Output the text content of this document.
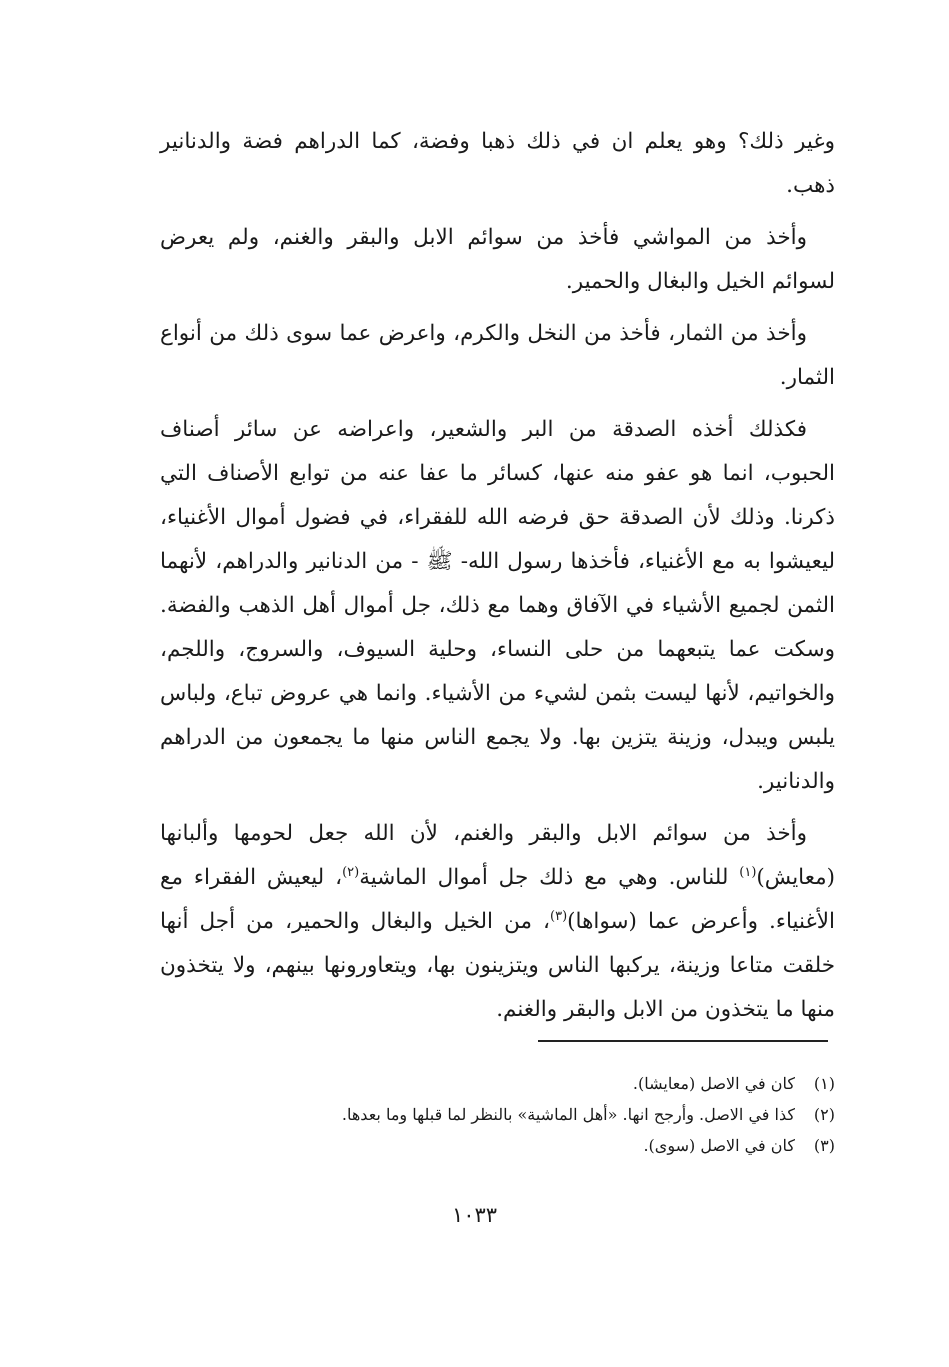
وغير ذلك؟ وهو يعلم ان في ذلك ذهبا وفضة، كما الدراهم فضة والدنانير ذهب.

وأخذ من المواشي فأخذ من سوائم الابل والبقر والغنم، ولم يعرض لسوائم الخيل والبغال والحمير.

وأخذ من الثمار، فأخذ من النخل والكرم، واعرض عما سوى ذلك من أنواع الثمار.

فكذلك أخذه الصدقة من البر والشعير، واعراضه عن سائر أصناف الحبوب، انما هو عفو منه عنها، كسائر ما عفا عنه من توابع الأصناف التي ذكرنا. وذلك لأن الصدقة حق فرضه الله للفقراء، في فضول أموال الأغنياء، ليعيشوا به مع الأغنياء، فأخذها رسول الله- ﷺ - من الدنانير والدراهم، لأنهما الثمن لجميع الأشياء في الآفاق وهما مع ذلك، جل أموال أهل الذهب والفضة. وسكت عما يتبعهما من حلى النساء، وحلية السيوف، والسروج، واللجم، والخواتيم، لأنها ليست بثمن لشيء من الأشياء. وانما هي عروض تباع، ولباس يلبس ويبدل، وزينة يتزين بها. ولا يجمع الناس منها ما يجمعون من الدراهم والدنانير.

وأخذ من سوائم الابل والبقر والغنم، لأن الله جعل لحومها وألبانها (معايش)$^{(١)}$ للناس. وهي مع ذلك جل أموال الماشية$^{(٢)}$، ليعيش الفقراء مع الأغنياء. وأعرض عما (سواها)$^{(٣)}$، من الخيل والبغال والحمير، من أجل أنها خلقت متاعا وزينة، يركبها الناس ويتزينون بها، ويتعاورونها بينهم، ولا يتخذون منها ما يتخذون من الابل والبقر والغنم.

(١)كان في الاصل (معايشا).
(٢)كذا في الاصل. وأرجح انها. «أهل الماشية» بالنظر لما قبلها وما بعدها.
(٣)كان في الاصل (سوى).
١٠٣٣
